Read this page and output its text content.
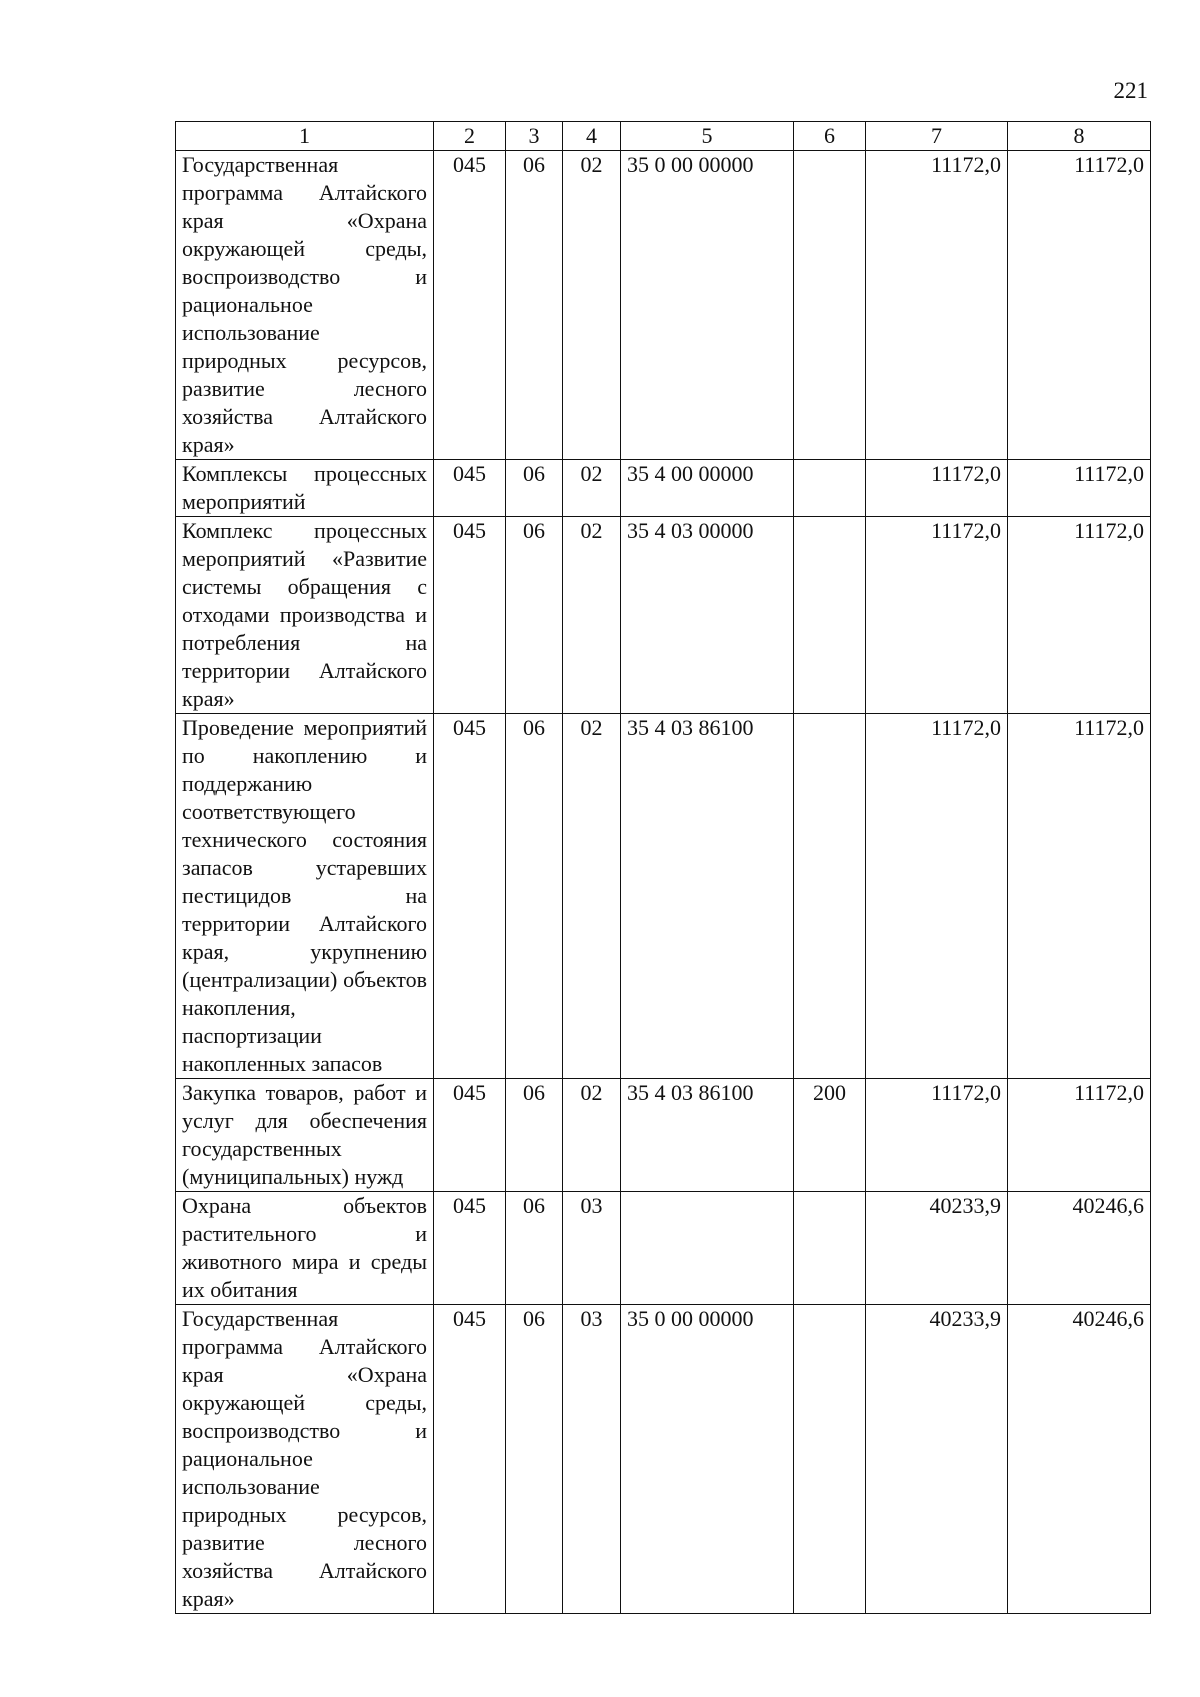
221
1	2	3	4	5	6	7	8
Государственная программа Алтайского края «Охрана окружающей среды, воспроизводство и рациональное использование природных ресурсов, развитие лесного хозяйства Алтайского края»	045	06	02	35 0 00 00000		11172,0	11172,0
Комплексы процессных мероприятий	045	06	02	35 4 00 00000		11172,0	11172,0
Комплекс процессных мероприятий «Развитие системы обращения с отходами производства и потребления на территории Алтайского края»	045	06	02	35 4 03 00000		11172,0	11172,0
Проведение мероприятий по накоплению и поддержанию соответствующего технического состояния запасов устаревших пестицидов на территории Алтайского края, укрупнению (централизации) объектов накопления, паспортизации накопленных запасов	045	06	02	35 4 03 86100		11172,0	11172,0
Закупка товаров, работ и услуг для обеспечения государственных (муниципальных) нужд	045	06	02	35 4 03 86100	200	11172,0	11172,0
Охрана объектов растительного и животного мира и среды их обитания	045	06	03			40233,9	40246,6
Государственная программа Алтайского края «Охрана окружающей среды, воспроизводство и рациональное использование природных ресурсов, развитие лесного хозяйства Алтайского края»	045	06	03	35 0 00 00000		40233,9	40246,6
